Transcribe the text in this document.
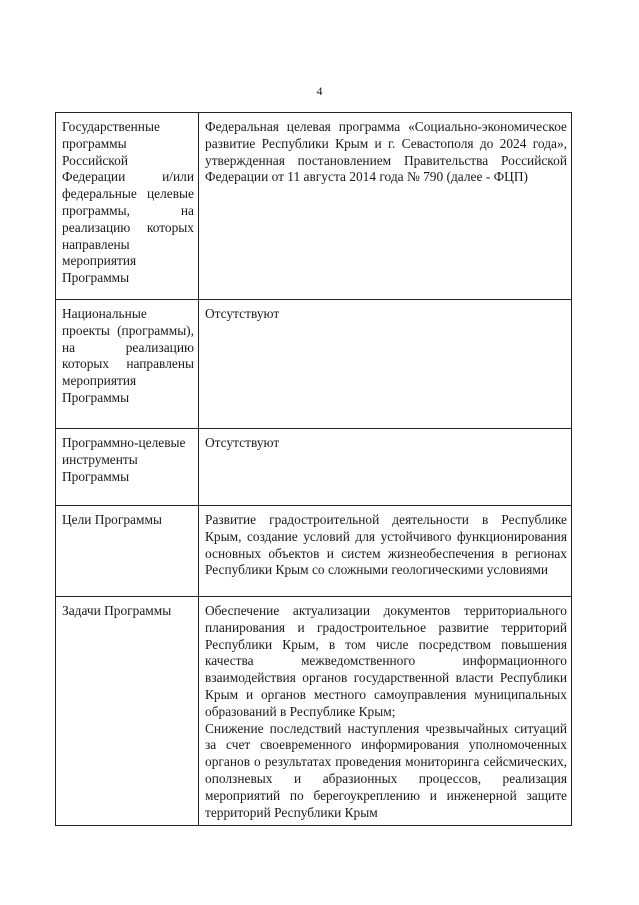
4
Государственные программы Российской Федерации и/или федеральные целевые программы, на реализацию которых направлены мероприятия Программы	Федеральная целевая программа «Социально-экономическое развитие Республики Крым и г. Севастополя до 2024 года», утвержденная постановлением Правительства Российской Федерации от 11 августа 2014 года № 790 (далее - ФЦП)

Национальные проекты (программы), на реализацию которых направлены мероприятия Программы	Отсутствуют

Программно-целевые инструменты Программы	Отсутствуют

Цели Программы	Развитие градостроительной деятельности в Республике Крым, создание условий для устойчивого функционирования основных объектов и систем жизнеобеспечения в регионах Республики Крым со сложными геологическими условиями

Задачи Программы	Обеспечение актуализации документов территориального планирования и градостроительное развитие территорий Республики Крым, в том числе посредством повышения качества межведомственного информационного взаимодействия органов государственной власти Республики Крым и органов местного самоуправления муниципальных образований в Республике Крым;
Снижение последствий наступления чрезвычайных ситуаций за счет своевременного информирования уполномоченных органов о результатах проведения мониторинга сейсмических, оползневых и абразионных процессов, реализация мероприятий по берегоукреплению и инженерной защите территорий Республики Крым
